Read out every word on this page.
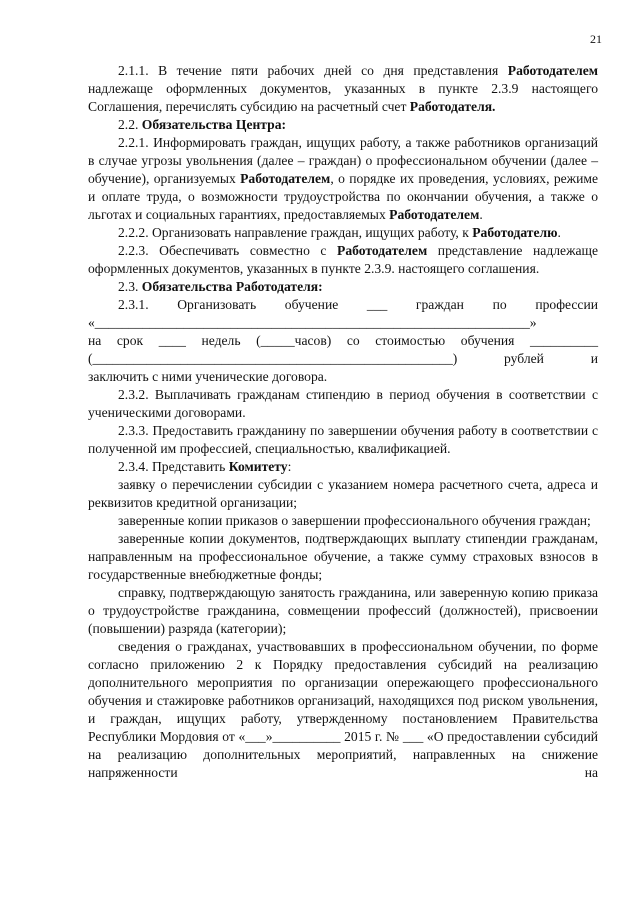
21

2.1.1. В течение пяти рабочих дней со дня представления Работодателем надлежаще оформленных документов, указанных в пункте 2.3.9 настоящего Соглашения, перечислять субсидию на расчетный счет Работодателя.

2.2. Обязательства Центра:

2.2.1. Информировать граждан, ищущих работу, а также работников организаций в случае угрозы увольнения (далее – граждан) о профессиональном обучении (далее – обучение), организуемых Работодателем, о порядке их проведения, условиях, режиме и оплате труда, о возможности трудоустройства по окончании обучения, а также о льготах и социальных гарантиях, предоставляемых Работодателем.

2.2.2. Организовать направление граждан, ищущих работу, к Работодателю.

2.2.3. Обеспечивать совместно с Работодателем представление надлежаще оформленных документов, указанных в пункте 2.3.9. настоящего соглашения.

2.3. Обязательства Работодателя:

2.3.1. Организовать обучение ___ граждан по профессии

«________________________________________________________________»

на срок ____ недель (_____часов) со стоимостью обучения __________

(_____________________________________________________) рублей и

заключить с ними ученические договора.

2.3.2. Выплачивать гражданам стипендию в период обучения в соответствии с ученическими договорами.

2.3.3. Предоставить гражданину по завершении обучения работу в соответствии с полученной им профессией, специальностью, квалификацией.

2.3.4. Представить Комитету:

заявку о перечислении субсидии с указанием номера расчетного счета, адреса и реквизитов кредитной организации;

заверенные копии приказов о завершении профессионального обучения граждан;

заверенные копии документов, подтверждающих выплату стипендии гражданам, направленным на профессиональное обучение, а также сумму страховых взносов в государственные внебюджетные фонды;

справку, подтверждающую занятость гражданина, или заверенную копию приказа о трудоустройстве гражданина, совмещении профессий (должностей), присвоении (повышении) разряда (категории);

сведения о гражданах, участвовавших в профессиональном обучении, по форме согласно приложению 2 к Порядку предоставления субсидий на реализацию дополнительного мероприятия по организации опережающего профессионального обучения и стажировке работников организаций, находящихся под риском увольнения, и граждан, ищущих работу, утвержденному постановлением Правительства Республики Мордовия от «___»__________ 2015 г. № ___ «О предоставлении субсидий на реализацию дополнительных мероприятий, направленных на снижение напряженности на
